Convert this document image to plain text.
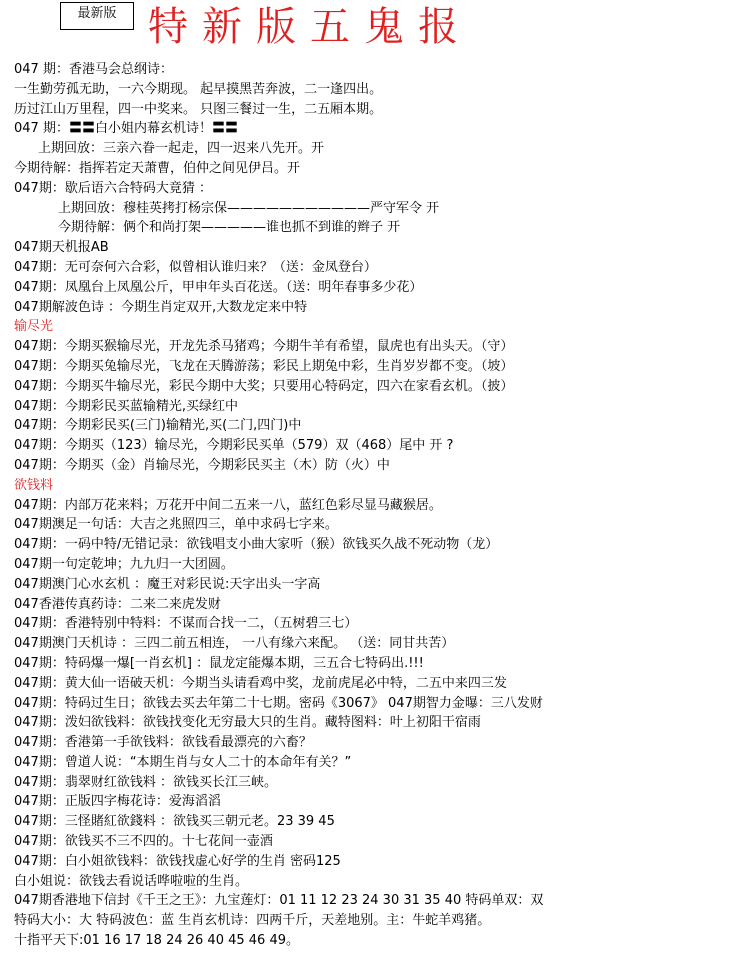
最新版 特新版五鬼报
047 期：香港马会总纲诗：
一生勤劳孤无助，一六今期现。 起早摸黑苦奔波，二一逢四出。
历过江山万里程，四一中奖来。 只图三餐过一生，二五厢本期。
047 期：〓〓白小姐内幕玄机诗！〓〓
上期回放：三亲六眷一起走，四一迟来八先开。开
今期待解：指挥若定天萧曹，伯仲之间见伊吕。开
047期：歇后语六合特码大竟猜 ：
上期回放：穆桂英拷打杨宗保———————————严守军令 开
今期待解：俩个和尚打架—————谁也抓不到谁的辫子 开
047期天机报AB
047期：无可奈何六合彩，似曾相认谁归来？（送：金凤登台）
047期：凤凰台上凤凰公斤，甲申年头百花送。（送：明年春事多少花）
047期解波色诗 ：今期生肖定双开,大数龙定来中特
输尽光
047期：今期买猴输尽光，开龙先杀马猪鸡；今期牛羊有希望，鼠虎也有出头天。（守）
047期：今期买兔输尽光，飞龙在天腾游荡；彩民上期兔中彩，生肖岁岁都不变。（坡）
047期：今期买牛输尽光，彩民今期中大奖；只要用心特码定，四六在家看玄机。（披）
047期：今期彩民买蓝输精光,买绿红中
047期：今期彩民买(三门)输精光,买(二门,四门)中
047期：今期买（123）输尽光，今期彩民买单（579）双（468）尾中 开 ?
047期：今期买（金）肖输尽光，今期彩民买主（木）防（火）中
欲钱料
047期：内部万花来料；万花开中间二五来一八，蓝红色彩尽显马藏猴居。
047期澳足一句话：大吉之兆照四三，单中求码七字来。
047期：一码中特/无错记录：欲钱唱支小曲大家听（猴）欲钱买久战不死动物（龙）
047期一句定乾坤；九九归一大团圆。
047期澳门心水玄机 ：魔王对彩民说:天字出头一字高
047香港传真药诗：二来二来虎发财
047期：香港特别中特料：不谋而合找一二，（五树碧三七）
047期澳门天机诗 ：三四二前五相连， 一八有缘六来配。 （送：同甘共苦）
047期：特码爆一爆[一肖玄机] ：鼠龙定能爆本期，三五合七特码出.!!!
047期：黄大仙一语破天机：今期当头请看鸡中奖，龙前虎尾必中特，二五中来四三发
047期：特码过生日；欲钱去买去年第二十七期。密码《3067》 047期智力金曝：三八发财
047期：泼妇欲钱料：欲钱找变化无穷最大只的生肖。藏特图料：叶上初阳干宿雨
047期：香港第一手欲钱料：欲钱看最漂亮的六畜？
047期：曾道人说：“本期生肖与女人二十的本命年有关？”
047期：翡翠财红欲钱料 ：欲钱买长江三峡。
047期：正版四字梅花诗：爱海滔滔
047期：三怪賭紅欲錢料 ：欲钱买三朝元老。23 39 45
047期：欲钱买不三不四的。十七花间一壶酒
047期：白小姐欲钱料：欲钱找虚心好学的生肖 密码125
白小姐说：欲钱去看说话哗啦啦的生肖。
047期香港地下信封《千王之王》：九宝莲灯：01 11 12 23 24 30 31 35 40 特码单双：双
特码大小：大 特码波色：蓝 生肖玄机诗：四两千斤，天差地别。主：牛蛇羊鸡猪。
十指平天下:01 16 17 18 24 26 40 45 46 49。
